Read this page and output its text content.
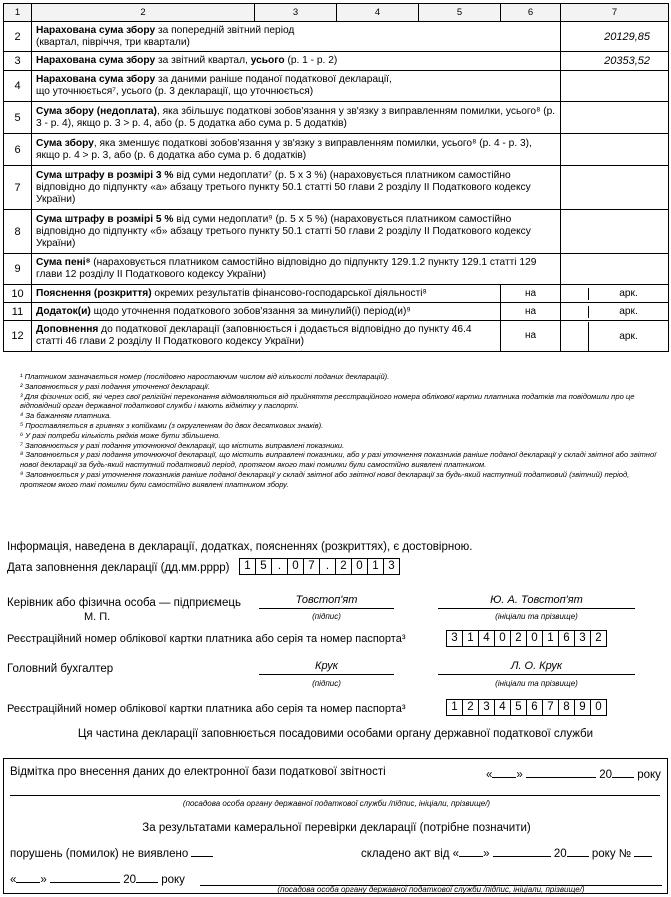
1	2	3	4	5	6	7
2	Нарахована сума збору за попередній звітний період
(квартал, півріччя, три квартали)					20129,85
3	Нарахована сума збору за звітний квартал, усього (р. 1 - р. 2)					20353,52
4	Нарахована сума збору за даними раніше поданої податкової декларації,
що уточнюється⁷, усього (р. 3 декларації, що уточнюється)					
5	Сума збору (недоплата), яка збільшує податкові зобов'язання у зв'язку з виправленням помилки, усього⁸ (р. 3 - р. 4), якщо р. 3 > р. 4, або (р. 5 додатка або сума р. 5 додатків)					
6	Сума збору, яка зменшує податкові зобов'язання у зв'язку з виправленням помилки, усього⁸ (р. 4 - р. 3), якщо р. 4 > р. 3, або (р. 6 додатка або сума р. 6 додатків)					
7	Сума штрафу в розмірі 3 % від суми недоплати⁷ (р. 5 x 3 %) (нараховується платником самостійно відповідно до підпункту «а» абзацу третього пункту 50.1 статті 50 глави 2 розділу II Податкового кодексу України)					
8	Сума штрафу в розмірі 5 % від суми недоплати⁹ (р. 5 x 5 %) (нараховується платником самостійно відповідно до підпункту «б» абзацу третього пункту 50.1 статті 50 глави 2 розділу II Податкового кодексу України)					
9	Сума пені⁸ (нараховується платником самостійно відповідно до підпункту 129.1.2 пункту 129.1 статті 129 глави 12 розділу II Податкового кодексу України)					
10	Пояснення (розкриття) окремих результатів фінансово-господарської діяльності⁸				на	арк.

11	Додаток(и) щодо уточнення податкового зобов'язання за минулий(і) період(и)⁹				на	арк.

12	Доповнення до податкової декларації (заповнюється і додається відповідно до пункту 46.4 статті 46 глави 2 розділу II Податкового кодексу України)				на	арк.
¹ Платником зазначається номер (послідовно наростаючим числом від кількості поданих декларацій).
² Заповнюється у разі подання уточненої декларації.
³ Для фізичних осіб, які через свої релігійні переконання відмовляються від прийняття реєстраційного номера облікової картки платника податків та повідомили про це відповідний орган державної податкової служби і мають відмітку у паспорті.
⁴ За бажанням платника.
⁵ Проставляється в гривнях з копійками (з округленням до двох десяткових знаків).
⁶ У разі потреби кількість рядків може бути збільшено.
⁷ Заповнюється у разі подання уточнюючої декларації, що містить виправлені показники.
⁸ Заповнюється у разі подання уточнюючої декларації, що містить виправлені показники, або у разі уточнення показників раніше поданої декларації у складі звітної або звітної нової декларації за будь-який наступний податковий період, протягом якого такі помилки були самостійно виявлені платником.
⁹ Заповнюється у разі уточнення показників раніше поданої декларації у складі звітної або звітної нової декларації за будь-який наступний податковий (звітний) період, протягом якого такі помилки були самостійно виявлені платником збору.
Інформація, наведена в декларації, додатках, поясненнях (розкриттях), є достовірною.
Дата заповнення декларації (дд.мм.рррр)	1 5 . 0 7 . 2 0 1 3
Керівник або фізична особа — підприємець
М. П.
Товстоп'ят
(підпис)
Ю. А. Товстоп'ят
(ініціали та прізвище)
Реєстраційний номер облікової картки платника або серія та номер паспорта³	3 1 4 0 2 0 1 6 3 2
Головний бухгалтер	Крук
(підпис)
Л. О. Крук
(ініціали та прізвище)
Реєстраційний номер облікової картки платника або серія та номер паспорта³	1 2 3 4 5 6 7 8 9 0
Ця частина декларації заповнюється посадовими особами органу державної податкової служби
Відмітка про внесення даних до електронної бази податкової звітності	« »	20 року
(посадова особа органу державної податкової служби /підпис, ініціали, прізвище/)
За результатами камеральної перевірки декларації (потрібне позначити)
порушень (помилок) не виявлено	складено акт від « »	20 року №
« »	20 року
(посадова особа органу державної податкової служби /підпис, ініціали, прізвище/)
